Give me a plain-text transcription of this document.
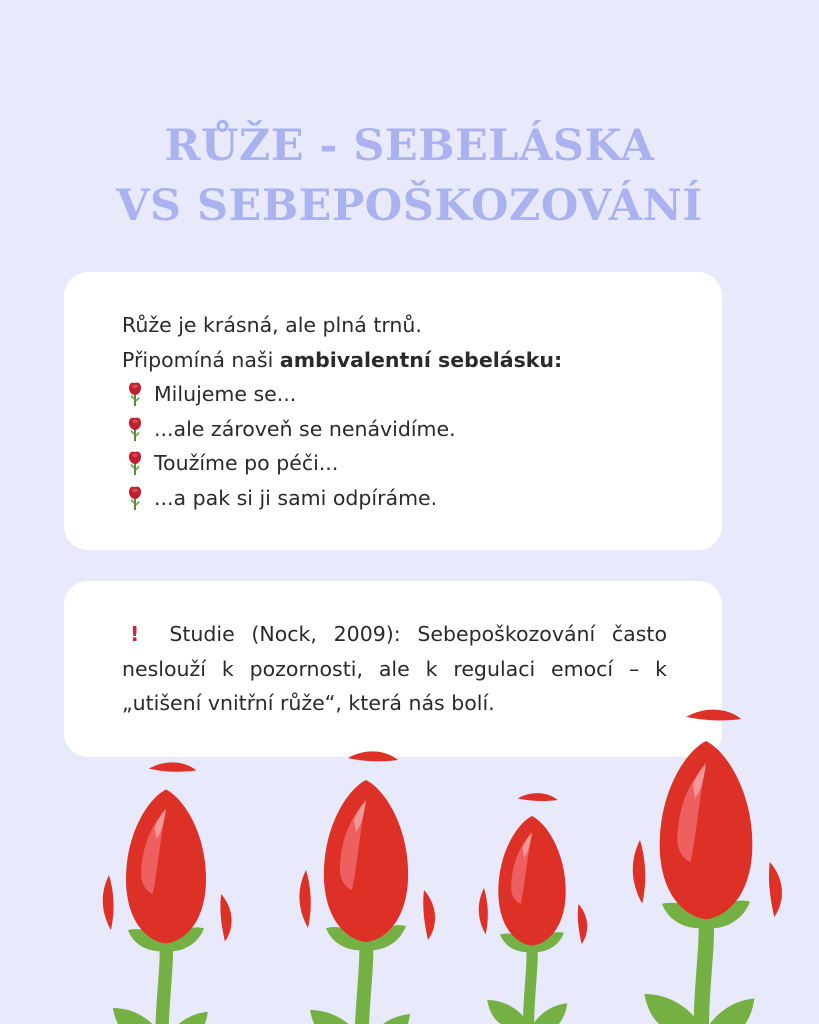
RŮŽE - SEBELÁSKA
VS SEBEPOŠKOZOVÁNÍ
Růže je krásná, ale plná trnů.
Připomíná naši ambivalentní sebelásku:
Milujeme se...
...ale zároveň se nenávidíme.
Toužíme po péči...
...a pak si ji sami odpíráme.
! Studie (Nock, 2009): Sebepoškozování často neslouží k pozornosti, ale k regulaci emocí – k „utišení vnitřní růže“, která nás bolí.
